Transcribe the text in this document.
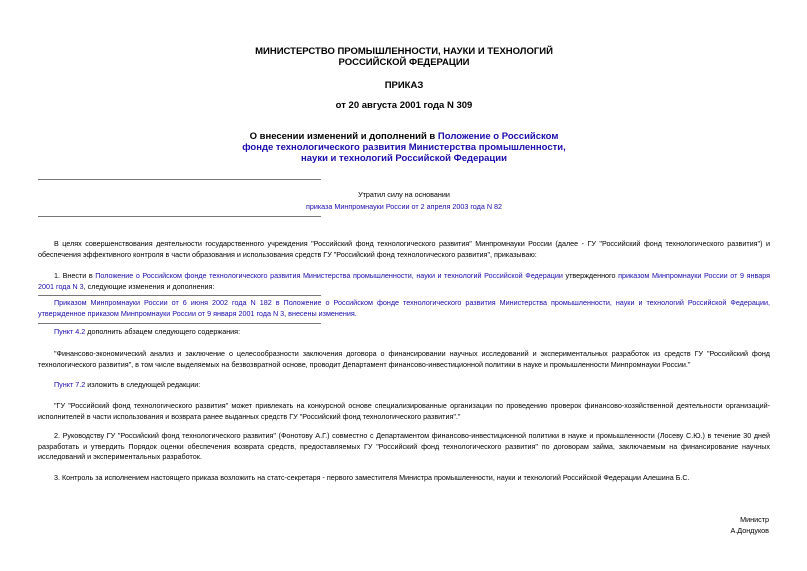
МИНИСТЕРСТВО ПРОМЫШЛЕННОСТИ, НАУКИ И ТЕХНОЛОГИЙ
РОССИЙСКОЙ ФЕДЕРАЦИИ
ПРИКАЗ
от 20 августа 2001 года N 309
О внесении изменений и дополнений в Положение о Российском
фонде технологического развития Министерства промышленности,
науки и технологий Российской Федерации
Утратил силу на основании
приказа Минпромнауки России от 2 апреля 2003 года N 82
В целях совершенствования деятельности государственного учреждения "Российский фонд технологического развития" Минпромнауки России (далее - ГУ "Российский фонд технологического развития") и обеспечения эффективного контроля в части образования и использования средств ГУ "Российский фонд технологического развития", приказываю:
1. Внести в Положение о Российском фонде технологического развития Министерства промышленности, науки и технологий Российской Федерации утвержденного приказом Минпромнауки России от 9 января 2001 года N 3, следующие изменения и дополнения:
Приказом Минпромнауки России от 6 июня 2002 года N 182 в Положение о Российском фонде технологического развития Министерства промышленности, науки и технологий Российской Федерации, утвержденное приказом Минпромнауки России от 9 января 2001 года N 3, внесены изменения.
Пункт 4.2 дополнить абзацем следующего содержания:
"Финансово-экономический анализ и заключение о целесообразности заключения договора о финансировании научных исследований и экспериментальных разработок из средств ГУ "Российский фонд технологического развития", в том числе выделяемых на безвозвратной основе, проводит Департамент финансово-инвестиционной политики в науке и промышленности Минпромнауки России."
Пункт 7.2 изложить в следующей редакции:
"ГУ "Российский фонд технологического развития" может привлекать на конкурсной основе специализированные организации по проведению проверок финансово-хозяйственной деятельности организаций-исполнителей в части использования и возврата ранее выданных средств ГУ "Российский фонд технологического развития"."
2. Руководству ГУ "Российский фонд технологического развития" (Фонотову А.Г.) совместно с Департаментом финансово-инвестиционной политики в науке и промышленности (Лосеву С.Ю.) в течение 30 дней разработать и утвердить Порядок оценки обеспечения возврата средств, предоставляемых ГУ "Российский фонд технологического развития" по договорам займа, заключаемым на финансирование научных исследований и экспериментальных разработок.
3. Контроль за исполнением настоящего приказа возложить на статс-секретаря - первого заместителя Министра промышленности, науки и технологий Российской Федерации Алешина Б.С.
Министр
А.Дондуков
